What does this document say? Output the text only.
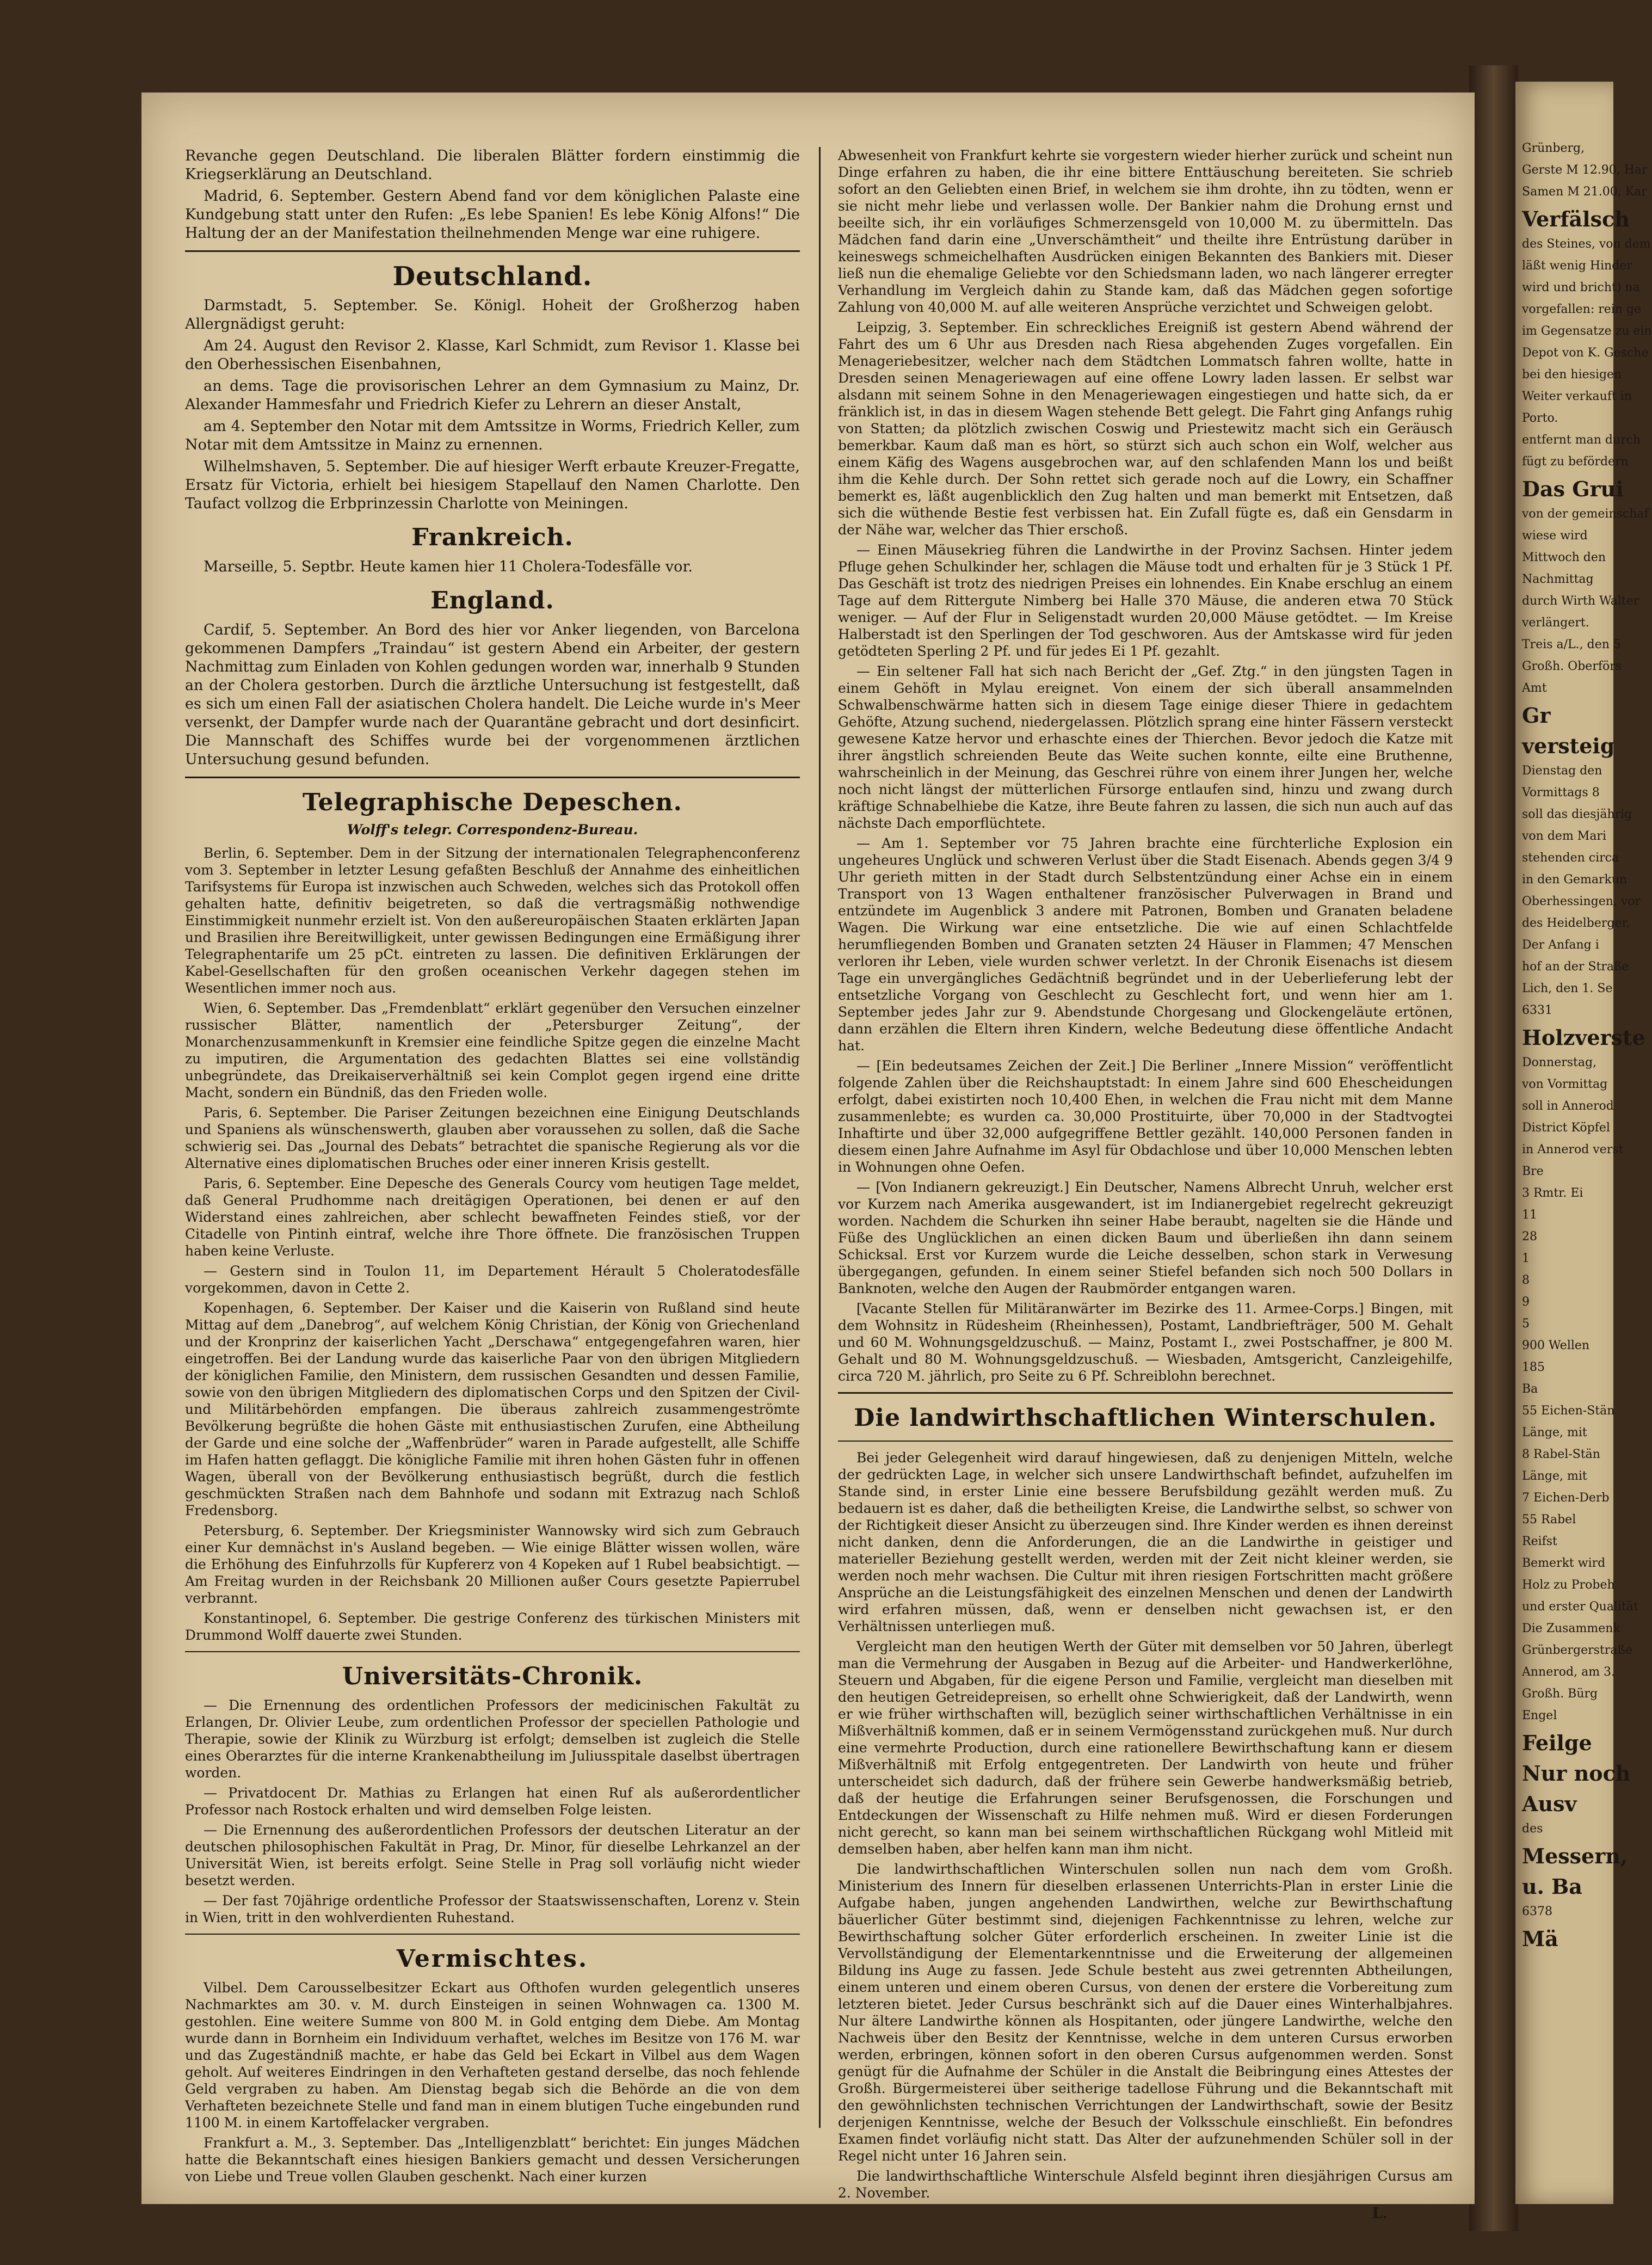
Grünberg,
Gerste M 12.90, Har
Samen M 21.00, Kar
Verfälsch
des Steines, von dem
läßt wenig Hinder
wird und bricht) na
vorgefallen: rein ge
im Gegensatze zu ein
Depot von K. Gesche
bei den hiesigen
Weiter verkauft in
Porto.
entfernt man durch
fügt zu befördern
Das Grui
von der gemeinschaf
wiese wird
Mittwoch den
Nachmittag
durch Wirth Walter
verlängert.
Treis a/L., den 5
Großh. Oberförs
Amt
Gr
versteig
Dienstag den
Vormittags 8
soll das diesjährig
von dem Mari
stehenden circa
in den Gemarkun
Oberhessingen, vor
des Heidelberger,
Der Anfang i
hof an der Straße
Lich, den 1. Se
6331
Holzverste
Donnerstag,
von Vormittag
soll in Annerod
District Köpfel
in Annerod verst
Bre
3 Rmtr. Ei
11
28
1
8
9
5
900 Wellen
185
Ba
55 Eichen-Stän
Länge, mit
8 Rabel-Stän
Länge, mit
7 Eichen-Derb
55 Rabel
Reifst
Bemerkt wird
Holz zu Probeh
und erster Qualität
Die Zusammenk
Grünbergerstraße
Annerod, am 3.
Großh. Bürg
Engel
Feilge
Nur noch
Ausv
des
Messern,
u. Ba
6378
Mä

Revanche gegen Deutschland. Die liberalen Blätter fordern einstimmig die Kriegserklärung an Deutschland.

Madrid, 6. September. Gestern Abend fand vor dem königlichen Palaste eine Kundgebung statt unter den Rufen: „Es lebe Spanien! Es lebe König Alfons!“ Die Haltung der an der Manifestation theilnehmenden Menge war eine ruhigere.

Deutschland.

Darmstadt, 5. September. Se. Königl. Hoheit der Großherzog haben Allergnädigst geruht:

Am 24. August den Revisor 2. Klasse, Karl Schmidt, zum Revisor 1. Klasse bei den Oberhessischen Eisenbahnen,

an dems. Tage die provisorischen Lehrer an dem Gymnasium zu Mainz, Dr. Alexander Hammesfahr und Friedrich Kiefer zu Lehrern an dieser Anstalt,

am 4. September den Notar mit dem Amtssitze in Worms, Friedrich Keller, zum Notar mit dem Amtssitze in Mainz zu ernennen.

Wilhelmshaven, 5. September. Die auf hiesiger Werft erbaute Kreuzer-Fregatte, Ersatz für Victoria, erhielt bei hiesigem Stapellauf den Namen Charlotte. Den Taufact vollzog die Erbprinzessin Charlotte von Meiningen.

Frankreich.

Marseille, 5. Septbr. Heute kamen hier 11 Cholera-Todesfälle vor.

England.

Cardif, 5. September. An Bord des hier vor Anker liegenden, von Barcelona gekommenen Dampfers „Traindau“ ist gestern Abend ein Arbeiter, der gestern Nachmittag zum Einladen von Kohlen gedungen worden war, innerhalb 9 Stunden an der Cholera gestorben. Durch die ärztliche Untersuchung ist festgestellt, daß es sich um einen Fall der asiatischen Cholera handelt. Die Leiche wurde in's Meer versenkt, der Dampfer wurde nach der Quarantäne gebracht und dort desinficirt. Die Mannschaft des Schiffes wurde bei der vorgenommenen ärztlichen Untersuchung gesund befunden.

Telegraphische Depeschen.
Wolff's telegr. Correspondenz-Bureau.

Berlin, 6. September. Dem in der Sitzung der internationalen Telegraphenconferenz vom 3. September in letzter Lesung gefaßten Beschluß der Annahme des einheitlichen Tarifsystems für Europa ist inzwischen auch Schweden, welches sich das Protokoll offen gehalten hatte, definitiv beigetreten, so daß die vertragsmäßig nothwendige Einstimmigkeit nunmehr erzielt ist. Von den außereuropäischen Staaten erklärten Japan und Brasilien ihre Bereitwilligkeit, unter gewissen Bedingungen eine Ermäßigung ihrer Telegraphentarife um 25 pCt. eintreten zu lassen. Die definitiven Erklärungen der Kabel-Gesellschaften für den großen oceanischen Verkehr dagegen stehen im Wesentlichen immer noch aus.

Wien, 6. September. Das „Fremdenblatt“ erklärt gegenüber den Versuchen einzelner russischer Blätter, namentlich der „Petersburger Zeitung“, der Monarchenzusammenkunft in Kremsier eine feindliche Spitze gegen die einzelne Macht zu imputiren, die Argumentation des gedachten Blattes sei eine vollständig unbegründete, das Dreikaiserverhältniß sei kein Complot gegen irgend eine dritte Macht, sondern ein Bündniß, das den Frieden wolle.

Paris, 6. September. Die Pariser Zeitungen bezeichnen eine Einigung Deutschlands und Spaniens als wünschenswerth, glauben aber voraussehen zu sollen, daß die Sache schwierig sei. Das „Journal des Debats“ betrachtet die spanische Regierung als vor die Alternative eines diplomatischen Bruches oder einer inneren Krisis gestellt.

Paris, 6. September. Eine Depesche des Generals Courcy vom heutigen Tage meldet, daß General Prudhomme nach dreitägigen Operationen, bei denen er auf den Widerstand eines zahlreichen, aber schlecht bewaffneten Feindes stieß, vor der Citadelle von Pintinh eintraf, welche ihre Thore öffnete. Die französischen Truppen haben keine Verluste.

— Gestern sind in Toulon 11, im Departement Hérault 5 Choleratodesfälle vorgekommen, davon in Cette 2.

Kopenhagen, 6. September. Der Kaiser und die Kaiserin von Rußland sind heute Mittag auf dem „Danebrog“, auf welchem König Christian, der König von Griechenland und der Kronprinz der kaiserlichen Yacht „Derschawa“ entgegengefahren waren, hier eingetroffen. Bei der Landung wurde das kaiserliche Paar von den übrigen Mitgliedern der königlichen Familie, den Ministern, dem russischen Gesandten und dessen Familie, sowie von den übrigen Mitgliedern des diplomatischen Corps und den Spitzen der Civil- und Militärbehörden empfangen. Die überaus zahlreich zusammengeströmte Bevölkerung begrüßte die hohen Gäste mit enthusiastischen Zurufen, eine Abtheilung der Garde und eine solche der „Waffenbrüder“ waren in Parade aufgestellt, alle Schiffe im Hafen hatten geflaggt. Die königliche Familie mit ihren hohen Gästen fuhr in offenen Wagen, überall von der Bevölkerung enthusiastisch begrüßt, durch die festlich geschmückten Straßen nach dem Bahnhofe und sodann mit Extrazug nach Schloß Fredensborg.

Petersburg, 6. September. Der Kriegsminister Wannowsky wird sich zum Gebrauch einer Kur demnächst in's Ausland begeben. — Wie einige Blätter wissen wollen, wäre die Erhöhung des Einfuhrzolls für Kupfererz von 4 Kopeken auf 1 Rubel beabsichtigt. — Am Freitag wurden in der Reichsbank 20 Millionen außer Cours gesetzte Papierrubel verbrannt.

Konstantinopel, 6. September. Die gestrige Conferenz des türkischen Ministers mit Drummond Wolff dauerte zwei Stunden.

Universitäts-Chronik.

— Die Ernennung des ordentlichen Professors der medicinischen Fakultät zu Erlangen, Dr. Olivier Leube, zum ordentlichen Professor der speciellen Pathologie und Therapie, sowie der Klinik zu Würzburg ist erfolgt; demselben ist zugleich die Stelle eines Oberarztes für die interne Krankenabtheilung im Juliusspitale daselbst übertragen worden.

— Privatdocent Dr. Mathias zu Erlangen hat einen Ruf als außerordentlicher Professor nach Rostock erhalten und wird demselben Folge leisten.

— Die Ernennung des außerordentlichen Professors der deutschen Literatur an der deutschen philosophischen Fakultät in Prag, Dr. Minor, für dieselbe Lehrkanzel an der Universität Wien, ist bereits erfolgt. Seine Stelle in Prag soll vorläufig nicht wieder besetzt werden.

— Der fast 70jährige ordentliche Professor der Staatswissenschaften, Lorenz v. Stein in Wien, tritt in den wohlverdienten Ruhestand.

Vermischtes.

Vilbel. Dem Carousselbesitzer Eckart aus Ofthofen wurden gelegentlich unseres Nachmarktes am 30. v. M. durch Einsteigen in seinen Wohnwagen ca. 1300 M. gestohlen. Eine weitere Summe von 800 M. in Gold entging dem Diebe. Am Montag wurde dann in Bornheim ein Individuum verhaftet, welches im Besitze von 176 M. war und das Zugeständniß machte, er habe das Geld bei Eckart in Vilbel aus dem Wagen geholt. Auf weiteres Eindringen in den Verhafteten gestand derselbe, das noch fehlende Geld vergraben zu haben. Am Dienstag begab sich die Behörde an die von dem Verhafteten bezeichnete Stelle und fand man in einem blutigen Tuche eingebunden rund 1100 M. in einem Kartoffelacker vergraben.

Frankfurt a. M., 3. September. Das „Intelligenzblatt“ berichtet: Ein junges Mädchen hatte die Bekanntschaft eines hiesigen Bankiers gemacht und dessen Versicherungen von Liebe und Treue vollen Glauben geschenkt. Nach einer kurzen

Abwesenheit von Frankfurt kehrte sie vorgestern wieder hierher zurück und scheint nun Dinge erfahren zu haben, die ihr eine bittere Enttäuschung bereiteten. Sie schrieb sofort an den Geliebten einen Brief, in welchem sie ihm drohte, ihn zu tödten, wenn er sie nicht mehr liebe und verlassen wolle. Der Bankier nahm die Drohung ernst und beeilte sich, ihr ein vorläufiges Schmerzensgeld von 10,000 M. zu übermitteln. Das Mädchen fand darin eine „Unverschämtheit“ und theilte ihre Entrüstung darüber in keineswegs schmeichelhaften Ausdrücken einigen Bekannten des Bankiers mit. Dieser ließ nun die ehemalige Geliebte vor den Schiedsmann laden, wo nach längerer erregter Verhandlung im Vergleich dahin zu Stande kam, daß das Mädchen gegen sofortige Zahlung von 40,000 M. auf alle weiteren Ansprüche verzichtet und Schweigen gelobt.

Leipzig, 3. September. Ein schreckliches Ereigniß ist gestern Abend während der Fahrt des um 6 Uhr aus Dresden nach Riesa abgehenden Zuges vorgefallen. Ein Menageriebesitzer, welcher nach dem Städtchen Lommatsch fahren wollte, hatte in Dresden seinen Menageriewagen auf eine offene Lowry laden lassen. Er selbst war alsdann mit seinem Sohne in den Menageriewagen eingestiegen und hatte sich, da er fränklich ist, in das in diesem Wagen stehende Bett gelegt. Die Fahrt ging Anfangs ruhig von Statten; da plötzlich zwischen Coswig und Priestewitz macht sich ein Geräusch bemerkbar. Kaum daß man es hört, so stürzt sich auch schon ein Wolf, welcher aus einem Käfig des Wagens ausgebrochen war, auf den schlafenden Mann los und beißt ihm die Kehle durch. Der Sohn rettet sich gerade noch auf die Lowry, ein Schaffner bemerkt es, läßt augenblicklich den Zug halten und man bemerkt mit Entsetzen, daß sich die wüthende Bestie fest verbissen hat. Ein Zufall fügte es, daß ein Gensdarm in der Nähe war, welcher das Thier erschoß.

— Einen Mäusekrieg führen die Landwirthe in der Provinz Sachsen. Hinter jedem Pfluge gehen Schulkinder her, schlagen die Mäuse todt und erhalten für je 3 Stück 1 Pf. Das Geschäft ist trotz des niedrigen Preises ein lohnendes. Ein Knabe erschlug an einem Tage auf dem Rittergute Nimberg bei Halle 370 Mäuse, die anderen etwa 70 Stück weniger. — Auf der Flur in Seligenstadt wurden 20,000 Mäuse getödtet. — Im Kreise Halberstadt ist den Sperlingen der Tod geschworen. Aus der Amtskasse wird für jeden getödteten Sperling 2 Pf. und für jedes Ei 1 Pf. gezahlt.

— Ein seltener Fall hat sich nach Bericht der „Gef. Ztg.“ in den jüngsten Tagen in einem Gehöft in Mylau ereignet. Von einem der sich überall ansammelnden Schwalbenschwärme hatten sich in diesem Tage einige dieser Thiere in gedachtem Gehöfte, Atzung suchend, niedergelassen. Plötzlich sprang eine hinter Fässern versteckt gewesene Katze hervor und erhaschte eines der Thierchen. Bevor jedoch die Katze mit ihrer ängstlich schreienden Beute das Weite suchen konnte, eilte eine Bruthenne, wahrscheinlich in der Meinung, das Geschrei rühre von einem ihrer Jungen her, welche noch nicht längst der mütterlichen Fürsorge entlaufen sind, hinzu und zwang durch kräftige Schnabelhiebe die Katze, ihre Beute fahren zu lassen, die sich nun auch auf das nächste Dach emporflüchtete.

— Am 1. September vor 75 Jahren brachte eine fürchterliche Explosion ein ungeheures Unglück und schweren Verlust über die Stadt Eisenach. Abends gegen 3/4 9 Uhr gerieth mitten in der Stadt durch Selbstentzündung einer Achse ein in einem Transport von 13 Wagen enthaltener französischer Pulverwagen in Brand und entzündete im Augenblick 3 andere mit Patronen, Bomben und Granaten beladene Wagen. Die Wirkung war eine entsetzliche. Die wie auf einen Schlachtfelde herumfliegenden Bomben und Granaten setzten 24 Häuser in Flammen; 47 Menschen verloren ihr Leben, viele wurden schwer verletzt. In der Chronik Eisenachs ist diesem Tage ein unvergängliches Gedächtniß begründet und in der Ueberlieferung lebt der entsetzliche Vorgang von Geschlecht zu Geschlecht fort, und wenn hier am 1. September jedes Jahr zur 9. Abendstunde Chorgesang und Glockengeläute ertönen, dann erzählen die Eltern ihren Kindern, welche Bedeutung diese öffentliche Andacht hat.

— [Ein bedeutsames Zeichen der Zeit.] Die Berliner „Innere Mission“ veröffentlicht folgende Zahlen über die Reichshauptstadt: In einem Jahre sind 600 Ehescheidungen erfolgt, dabei existirten noch 10,400 Ehen, in welchen die Frau nicht mit dem Manne zusammenlebte; es wurden ca. 30,000 Prostituirte, über 70,000 in der Stadtvogtei Inhaftirte und über 32,000 aufgegriffene Bettler gezählt. 140,000 Personen fanden in diesem einen Jahre Aufnahme im Asyl für Obdachlose und über 10,000 Menschen lebten in Wohnungen ohne Oefen.

— [Von Indianern gekreuzigt.] Ein Deutscher, Namens Albrecht Unruh, welcher erst vor Kurzem nach Amerika ausgewandert, ist im Indianergebiet regelrecht gekreuzigt worden. Nachdem die Schurken ihn seiner Habe beraubt, nagelten sie die Hände und Füße des Unglücklichen an einen dicken Baum und überließen ihn dann seinem Schicksal. Erst vor Kurzem wurde die Leiche desselben, schon stark in Verwesung übergegangen, gefunden. In einem seiner Stiefel befanden sich noch 500 Dollars in Banknoten, welche den Augen der Raubmörder entgangen waren.

[Vacante Stellen für Militäranwärter im Bezirke des 11. Armee-Corps.] Bingen, mit dem Wohnsitz in Rüdesheim (Rheinhessen), Postamt, Landbriefträger, 500 M. Gehalt und 60 M. Wohnungsgeldzuschuß. — Mainz, Postamt I., zwei Postschaffner, je 800 M. Gehalt und 80 M. Wohnungsgeldzuschuß. — Wiesbaden, Amtsgericht, Canzleigehilfe, circa 720 M. jährlich, pro Seite zu 6 Pf. Schreiblohn berechnet.

Die landwirthschaftlichen Winterschulen.

Bei jeder Gelegenheit wird darauf hingewiesen, daß zu denjenigen Mitteln, welche der gedrückten Lage, in welcher sich unsere Landwirthschaft befindet, aufzuhelfen im Stande sind, in erster Linie eine bessere Berufsbildung gezählt werden muß. Zu bedauern ist es daher, daß die betheiligten Kreise, die Landwirthe selbst, so schwer von der Richtigkeit dieser Ansicht zu überzeugen sind. Ihre Kinder werden es ihnen dereinst nicht danken, denn die Anforderungen, die an die Landwirthe in geistiger und materieller Beziehung gestellt werden, werden mit der Zeit nicht kleiner werden, sie werden noch mehr wachsen. Die Cultur mit ihren riesigen Fortschritten macht größere Ansprüche an die Leistungsfähigkeit des einzelnen Menschen und denen der Landwirth wird erfahren müssen, daß, wenn er denselben nicht gewachsen ist, er den Verhältnissen unterliegen muß.

Vergleicht man den heutigen Werth der Güter mit demselben vor 50 Jahren, überlegt man die Vermehrung der Ausgaben in Bezug auf die Arbeiter- und Handwerkerlöhne, Steuern und Abgaben, für die eigene Person und Familie, vergleicht man dieselben mit den heutigen Getreidepreisen, so erhellt ohne Schwierigkeit, daß der Landwirth, wenn er wie früher wirthschaften will, bezüglich seiner wirthschaftlichen Verhältnisse in ein Mißverhältniß kommen, daß er in seinem Vermögensstand zurückgehen muß. Nur durch eine vermehrte Production, durch eine rationellere Bewirthschaftung kann er diesem Mißverhältniß mit Erfolg entgegentreten. Der Landwirth von heute und früher unterscheidet sich dadurch, daß der frühere sein Gewerbe handwerksmäßig betrieb, daß der heutige die Erfahrungen seiner Berufsgenossen, die Forschungen und Entdeckungen der Wissenschaft zu Hilfe nehmen muß. Wird er diesen Forderungen nicht gerecht, so kann man bei seinem wirthschaftlichen Rückgang wohl Mitleid mit demselben haben, aber helfen kann man ihm nicht.

Die landwirthschaftlichen Winterschulen sollen nun nach dem vom Großh. Ministerium des Innern für dieselben erlassenen Unterrichts-Plan in erster Linie die Aufgabe haben, jungen angehenden Landwirthen, welche zur Bewirthschaftung bäuerlicher Güter bestimmt sind, diejenigen Fachkenntnisse zu lehren, welche zur Bewirthschaftung solcher Güter erforderlich erscheinen. In zweiter Linie ist die Vervollständigung der Elementarkenntnisse und die Erweiterung der allgemeinen Bildung ins Auge zu fassen. Jede Schule besteht aus zwei getrennten Abtheilungen, einem unteren und einem oberen Cursus, von denen der erstere die Vorbereitung zum letzteren bietet. Jeder Cursus beschränkt sich auf die Dauer eines Winterhalbjahres. Nur ältere Landwirthe können als Hospitanten, oder jüngere Landwirthe, welche den Nachweis über den Besitz der Kenntnisse, welche in dem unteren Cursus erworben werden, erbringen, können sofort in den oberen Cursus aufgenommen werden. Sonst genügt für die Aufnahme der Schüler in die Anstalt die Beibringung eines Attestes der Großh. Bürgermeisterei über seitherige tadellose Führung und die Bekanntschaft mit den gewöhnlichsten technischen Verrichtungen der Landwirthschaft, sowie der Besitz derjenigen Kenntnisse, welche der Besuch der Volksschule einschließt. Ein befondres Examen findet vorläufig nicht statt. Das Alter der aufzunehmenden Schüler soll in der Regel nicht unter 16 Jahren sein.

Die landwirthschaftliche Winterschule Alsfeld beginnt ihren diesjährigen Cursus am 2. November.

L.
